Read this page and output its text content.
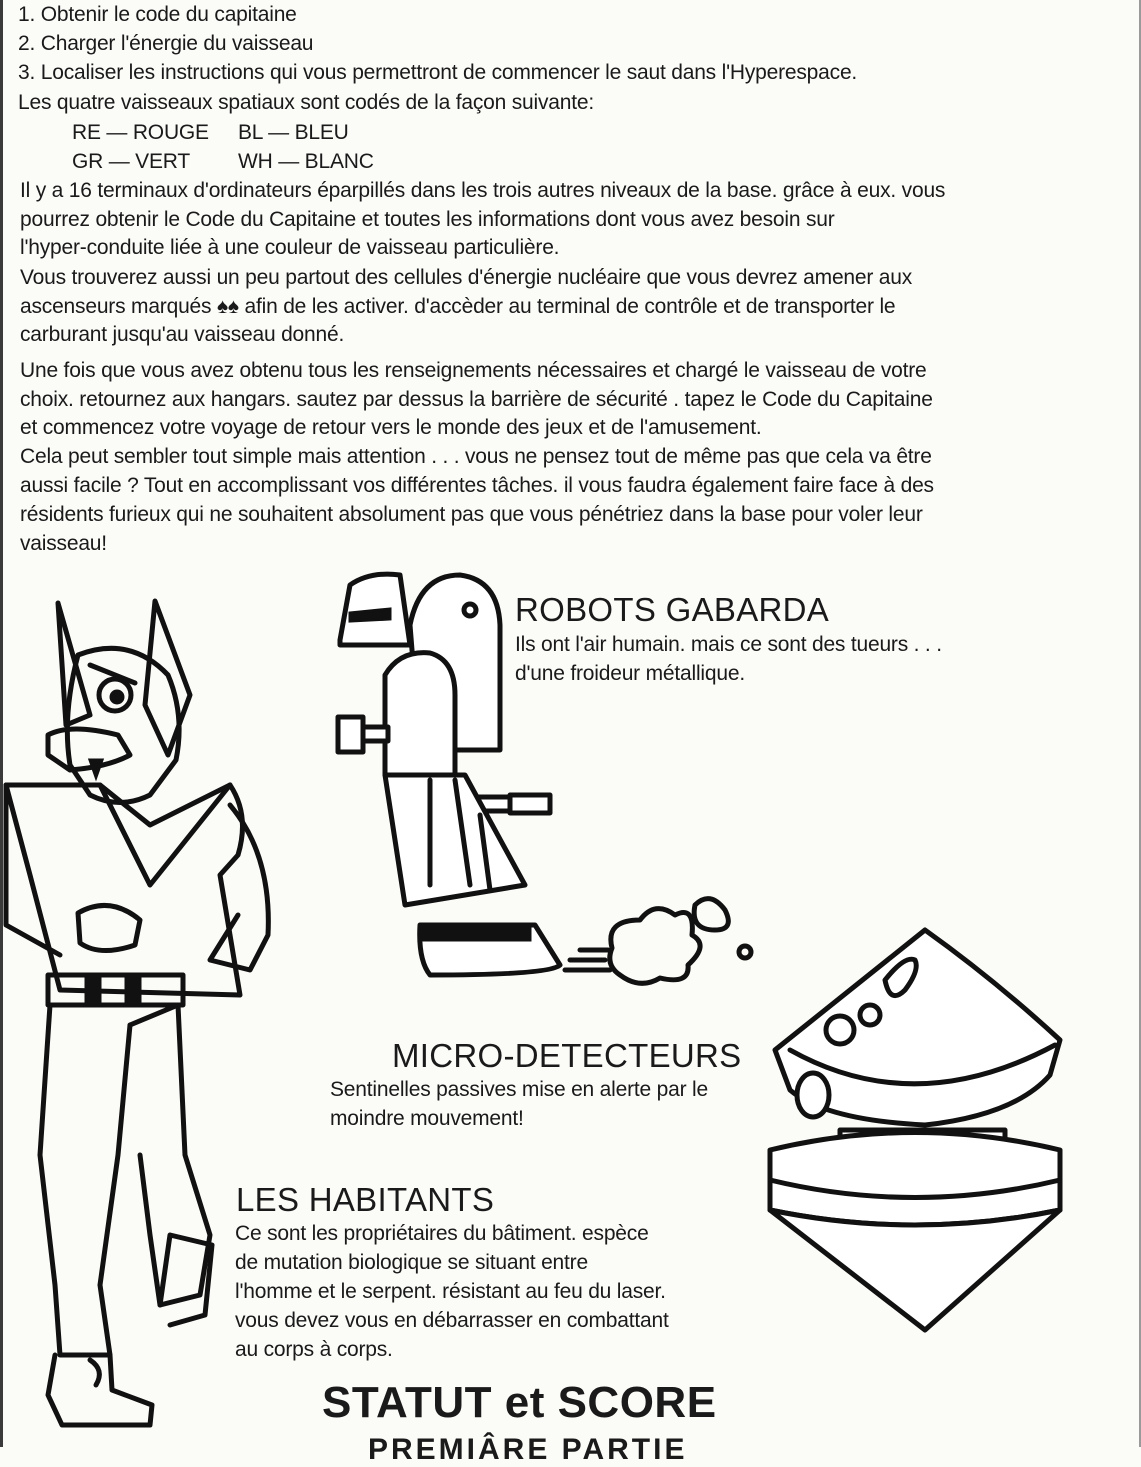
1. Obtenir le code du capitaine
2. Charger l'énergie du vaisseau
3. Localiser les instructions qui vous permettront de commencer le saut dans l'Hyperespace.
Les quatre vaisseaux spatiaux sont codés de la façon suivante:
RE — ROUGE BL — BLEU
GR — VERT WH — BLANC
Il y a 16 terminaux d'ordinateurs éparpillés dans les trois autres niveaux de la base. grâce à eux. vous
pourrez obtenir le Code du Capitaine et toutes les informations dont vous avez besoin sur
l'hyper-conduite liée à une couleur de vaisseau particulière.
Vous trouverez aussi un peu partout des cellules d'énergie nucléaire que vous devrez amener aux
ascenseurs marqués ♠♠ afin de les activer. d'accèder au terminal de contrôle et de transporter le
carburant jusqu'au vaisseau donné.
Une fois que vous avez obtenu tous les renseignements nécessaires et chargé le vaisseau de votre
choix. retournez aux hangars. sautez par dessus la barrière de sécurité . tapez le Code du Capitaine
et commencez votre voyage de retour vers le monde des jeux et de l'amusement.
Cela peut sembler tout simple mais attention . . . vous ne pensez tout de même pas que cela va être
aussi facile ? Tout en accomplissant vos différentes tâches. il vous faudra également faire face à des
résidents furieux qui ne souhaitent absolument pas que vous pénétriez dans la base pour voler leur
vaisseau!
ROBOTS GABARDA
Ils ont l'air humain. mais ce sont des tueurs . . .
d'une froideur métallique.
MICRO-DETECTEURS
Sentinelles passives mise en alerte par le
moindre mouvement!
LES HABITANTS
Ce sont les propriétaires du bâtiment. espèce
de mutation biologique se situant entre
l'homme et le serpent. résistant au feu du laser.
vous devez vous en débarrasser en combattant
au corps à corps.
STATUT et SCORE
PREMIÂRE PARTIE
